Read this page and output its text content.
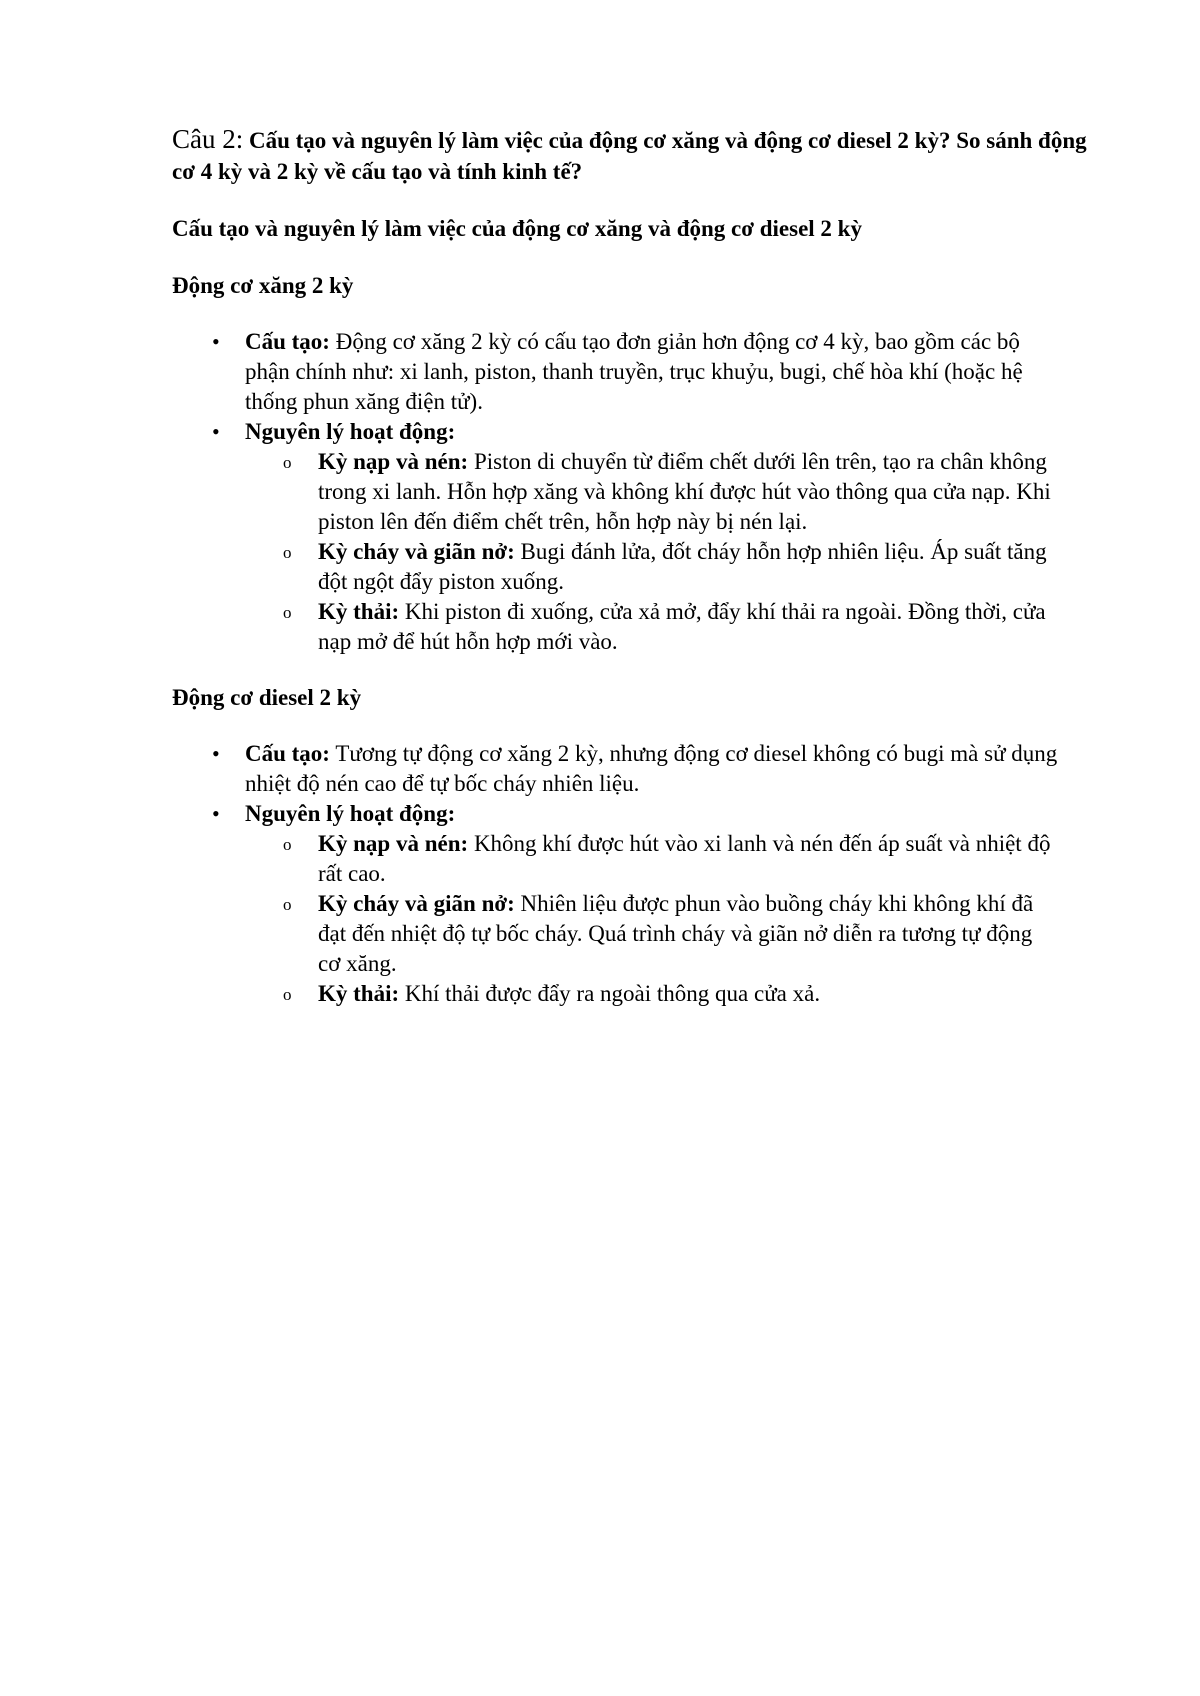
Câu 2: Cấu tạo và nguyên lý làm việc của động cơ xăng và động cơ diesel 2 kỳ? So sánh động cơ 4 kỳ và 2 kỳ về cấu tạo và tính kinh tế?

Cấu tạo và nguyên lý làm việc của động cơ xăng và động cơ diesel 2 kỳ

Động cơ xăng 2 kỳ

• Cấu tạo: Động cơ xăng 2 kỳ có cấu tạo đơn giản hơn động cơ 4 kỳ, bao gồm các bộ phận chính như: xi lanh, piston, thanh truyền, trục khuỷu, bugi, chế hòa khí (hoặc hệ thống phun xăng điện tử).
• Nguyên lý hoạt động:
o Kỳ nạp và nén: Piston di chuyển từ điểm chết dưới lên trên, tạo ra chân không trong xi lanh. Hỗn hợp xăng và không khí được hút vào thông qua cửa nạp. Khi piston lên đến điểm chết trên, hỗn hợp này bị nén lại.
o Kỳ cháy và giãn nở: Bugi đánh lửa, đốt cháy hỗn hợp nhiên liệu. Áp suất tăng đột ngột đẩy piston xuống.
o Kỳ thải: Khi piston đi xuống, cửa xả mở, đẩy khí thải ra ngoài. Đồng thời, cửa nạp mở để hút hỗn hợp mới vào.

Động cơ diesel 2 kỳ

• Cấu tạo: Tương tự động cơ xăng 2 kỳ, nhưng động cơ diesel không có bugi mà sử dụng nhiệt độ nén cao để tự bốc cháy nhiên liệu.
• Nguyên lý hoạt động:
o Kỳ nạp và nén: Không khí được hút vào xi lanh và nén đến áp suất và nhiệt độ rất cao.
o Kỳ cháy và giãn nở: Nhiên liệu được phun vào buồng cháy khi không khí đã đạt đến nhiệt độ tự bốc cháy. Quá trình cháy và giãn nở diễn ra tương tự động cơ xăng.
o Kỳ thải: Khí thải được đẩy ra ngoài thông qua cửa xả.
